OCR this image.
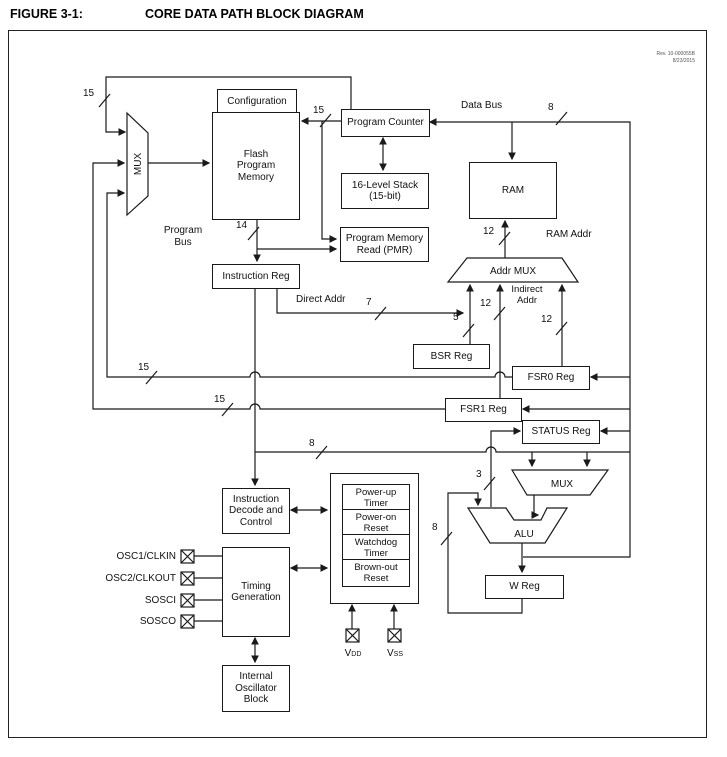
FIGURE 3-1:	CORE DATA PATH BLOCK DIAGRAM
Rev. 10-000055B
8/23/2015
MUX
Addr MUX
MUX
ALU
Configuration
Flash
Program
Memory
Program Counter
16-Level Stack
(15-bit)
RAM
Program Memory
Read (PMR)
Instruction Reg
BSR Reg
FSR0 Reg
FSR1 Reg
STATUS Reg
W Reg
Instruction
Decode and
Control
Timing
Generation
Internal
Oscillator
Block
Power-up
Timer
Power-on
Reset
Watchdog
Timer
Brown-out
Reset
15
15
14
8
12
7
5
12
12
15
15
8
3
8
Data Bus
RAM Addr
Program
Bus
Direct Addr
Indirect
Addr
OSC1/CLKIN
OSC2/CLKOUT
SOSCI
SOSCO
VDD	VSS
